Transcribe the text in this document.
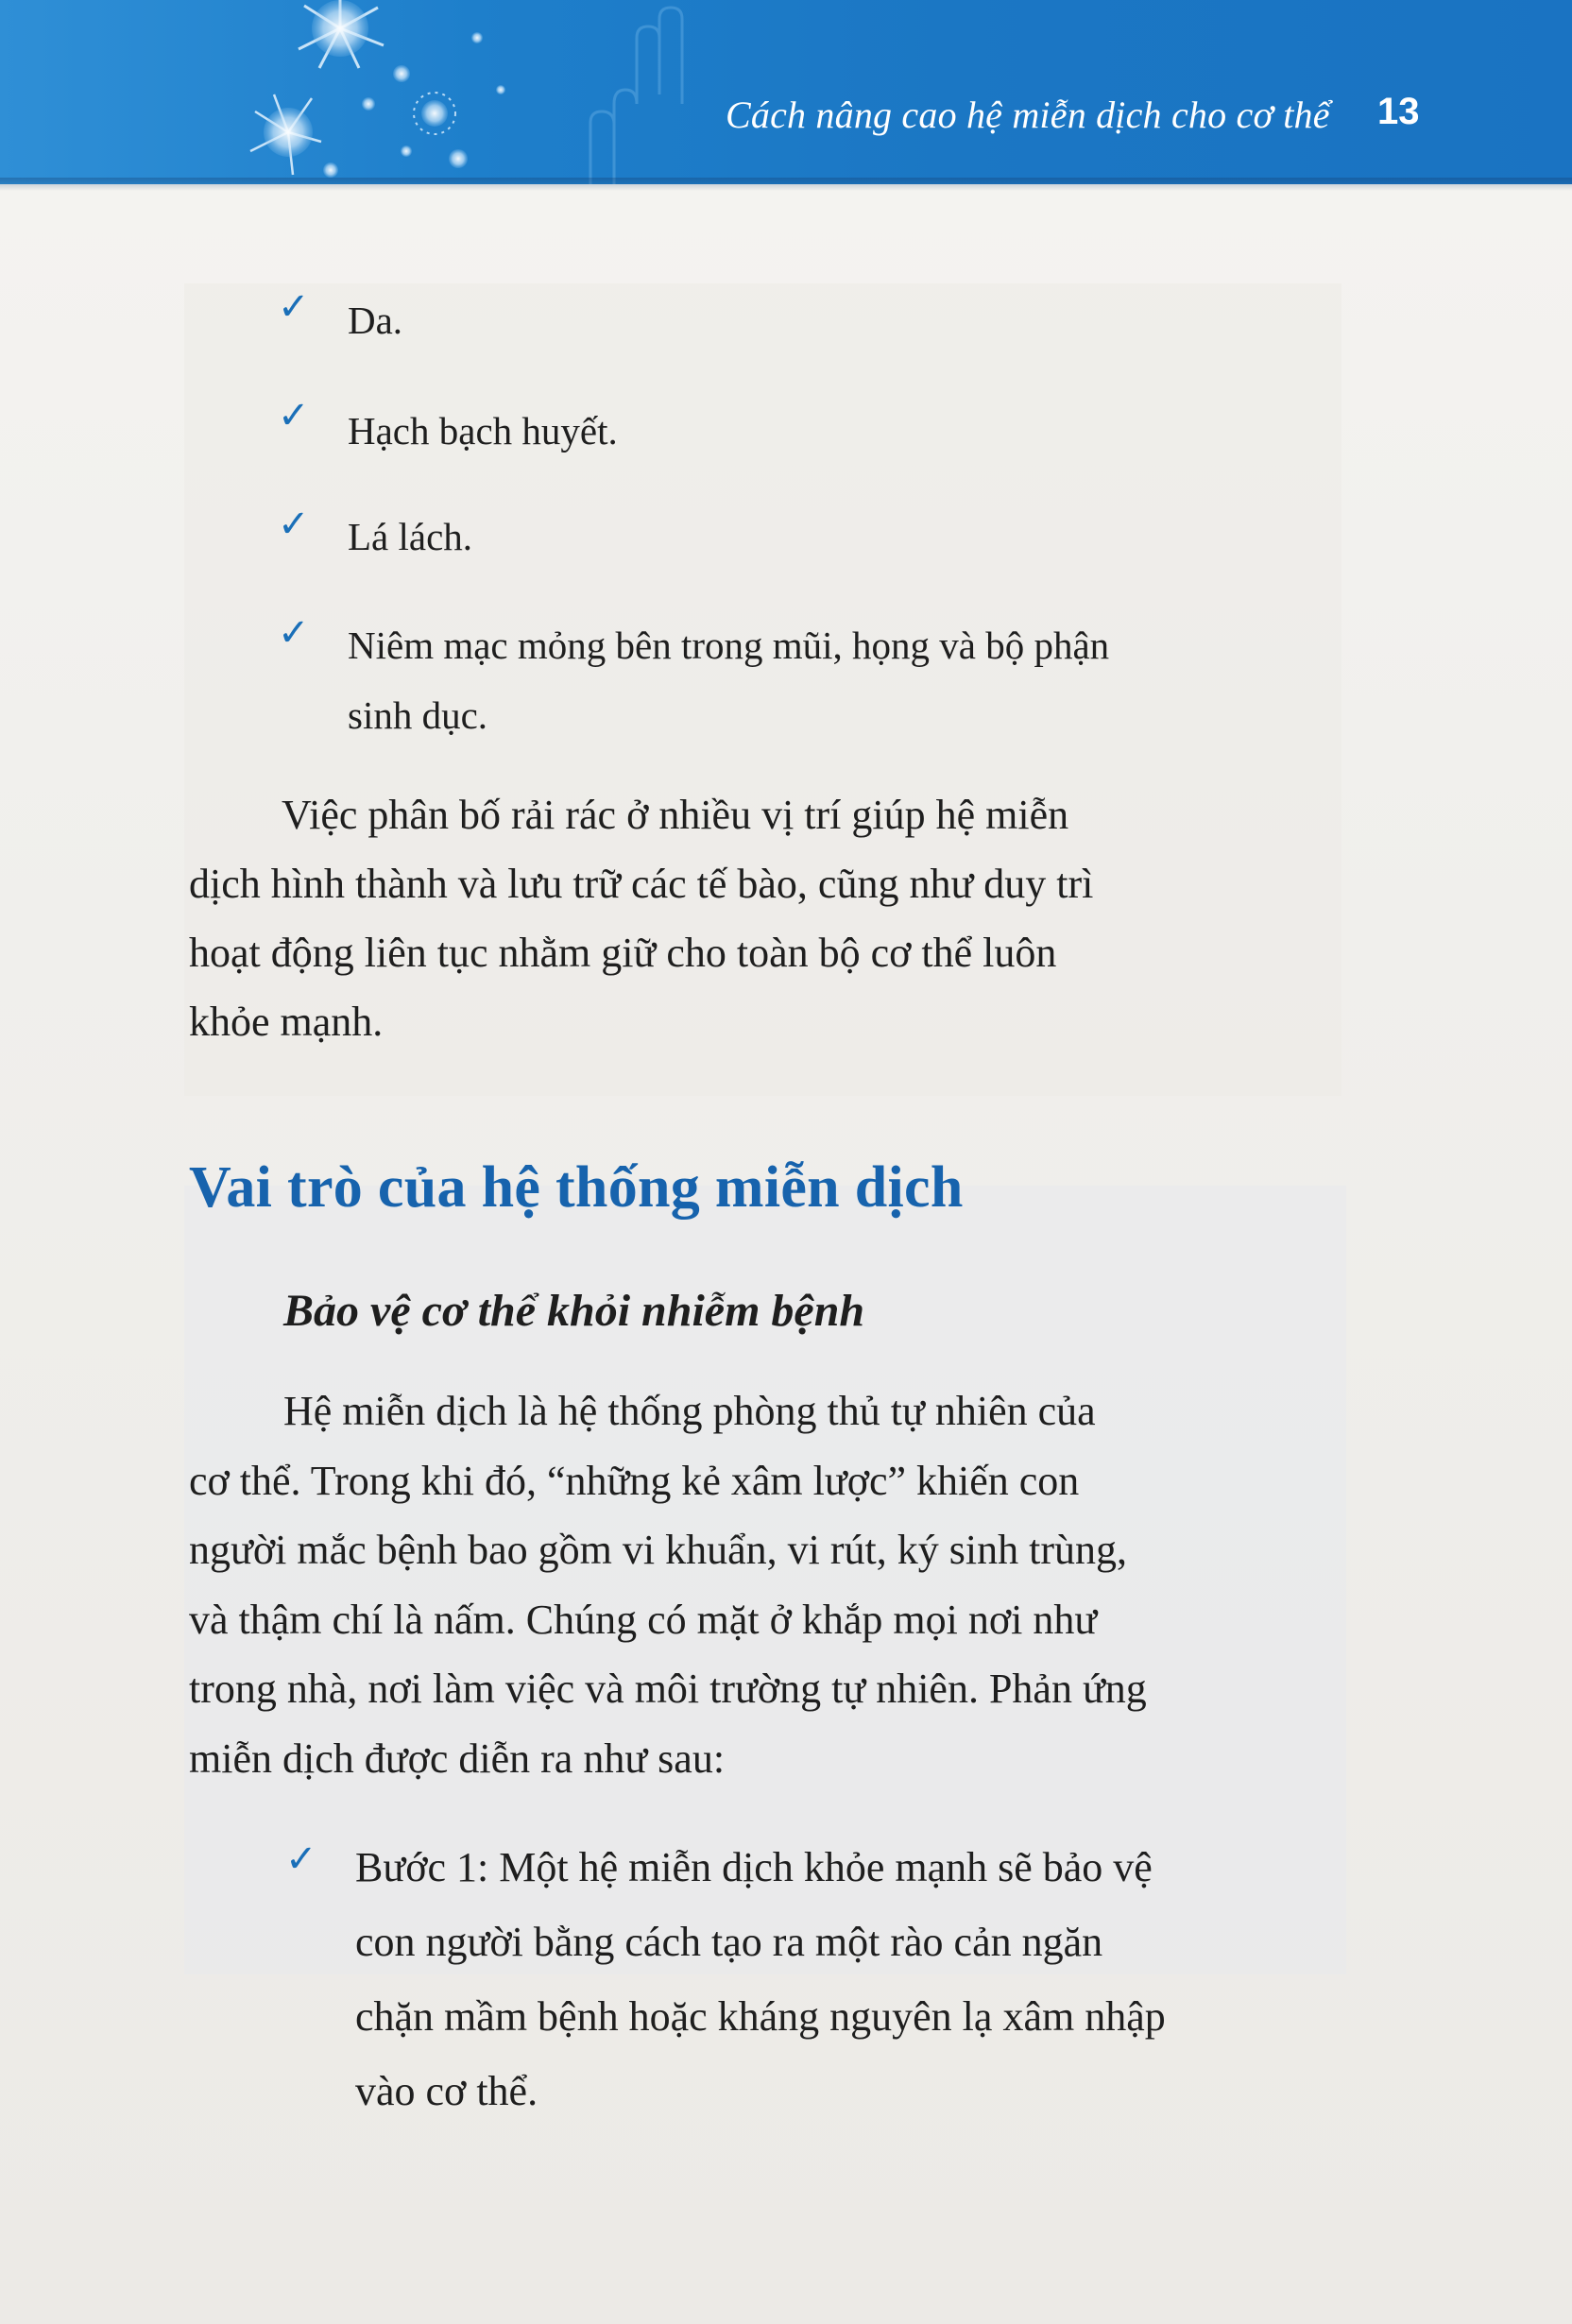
Cách nâng cao hệ miễn dịch cho cơ thể 13
✓ Da.
✓ Hạch bạch huyết.
✓ Lá lách.
✓ Niêm mạc mỏng bên trong mũi, họng và bộ phận
sinh dục.
Việc phân bố rải rác ở nhiều vị trí giúp hệ miễn
dịch hình thành và lưu trữ các tế bào, cũng như duy trì
hoạt động liên tục nhằm giữ cho toàn bộ cơ thể luôn
khỏe mạnh.
Vai trò của hệ thống miễn dịch
Bảo vệ cơ thể khỏi nhiễm bệnh
Hệ miễn dịch là hệ thống phòng thủ tự nhiên của
cơ thể. Trong khi đó, “những kẻ xâm lược” khiến con
người mắc bệnh bao gồm vi khuẩn, vi rút, ký sinh trùng,
và thậm chí là nấm. Chúng có mặt ở khắp mọi nơi như
trong nhà, nơi làm việc và môi trường tự nhiên. Phản ứng
miễn dịch được diễn ra như sau:
✓ Bước 1: Một hệ miễn dịch khỏe mạnh sẽ bảo vệ
con người bằng cách tạo ra một rào cản ngăn
chặn mầm bệnh hoặc kháng nguyên lạ xâm nhập
vào cơ thể.
